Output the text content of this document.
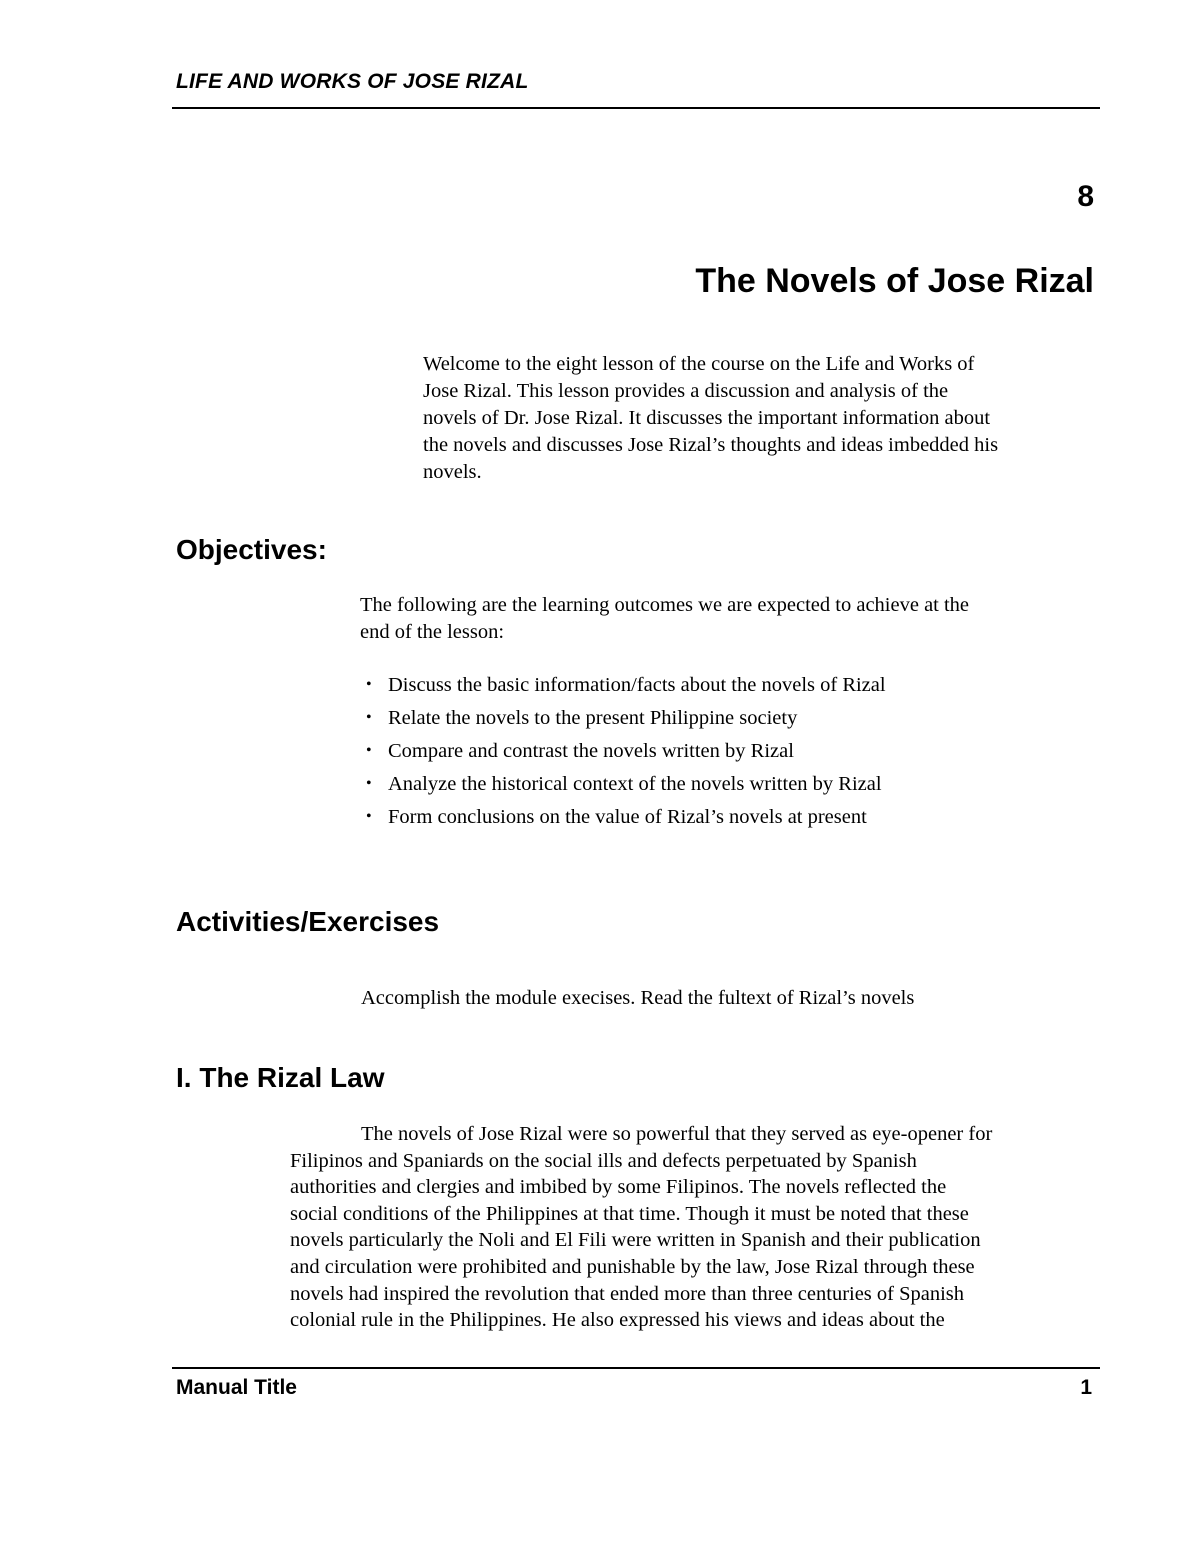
LIFE AND WORKS OF JOSE RIZAL
8
The Novels of Jose Rizal
Welcome to the eight lesson of the course on the Life and Works of
Jose Rizal. This lesson provides a discussion and analysis of the
novels of Dr. Jose Rizal. It discusses the important information about
the novels and discusses Jose Rizal’s thoughts and ideas imbedded his
novels.
Objectives:
The following are the learning outcomes we are expected to achieve at the
end of the lesson:
• Discuss the basic information/facts about the novels of Rizal
• Relate the novels to the present Philippine society
• Compare and contrast the novels written by Rizal
• Analyze the historical context of the novels written by Rizal
• Form conclusions on the value of Rizal’s novels at present
Activities/Exercises
Accomplish the module execises. Read the fultext of Rizal’s novels
I. The Rizal Law
The novels of Jose Rizal were so powerful that they served as eye-opener for
Filipinos and Spaniards on the social ills and defects perpetuated by Spanish
authorities and clergies and imbibed by some Filipinos. The novels reflected the
social conditions of the Philippines at that time. Though it must be noted that these
novels particularly the Noli and El Fili were written in Spanish and their publication
and circulation were prohibited and punishable by the law, Jose Rizal through these
novels had inspired the revolution that ended more than three centuries of Spanish
colonial rule in the Philippines. He also expressed his views and ideas about the
Manual Title	1
